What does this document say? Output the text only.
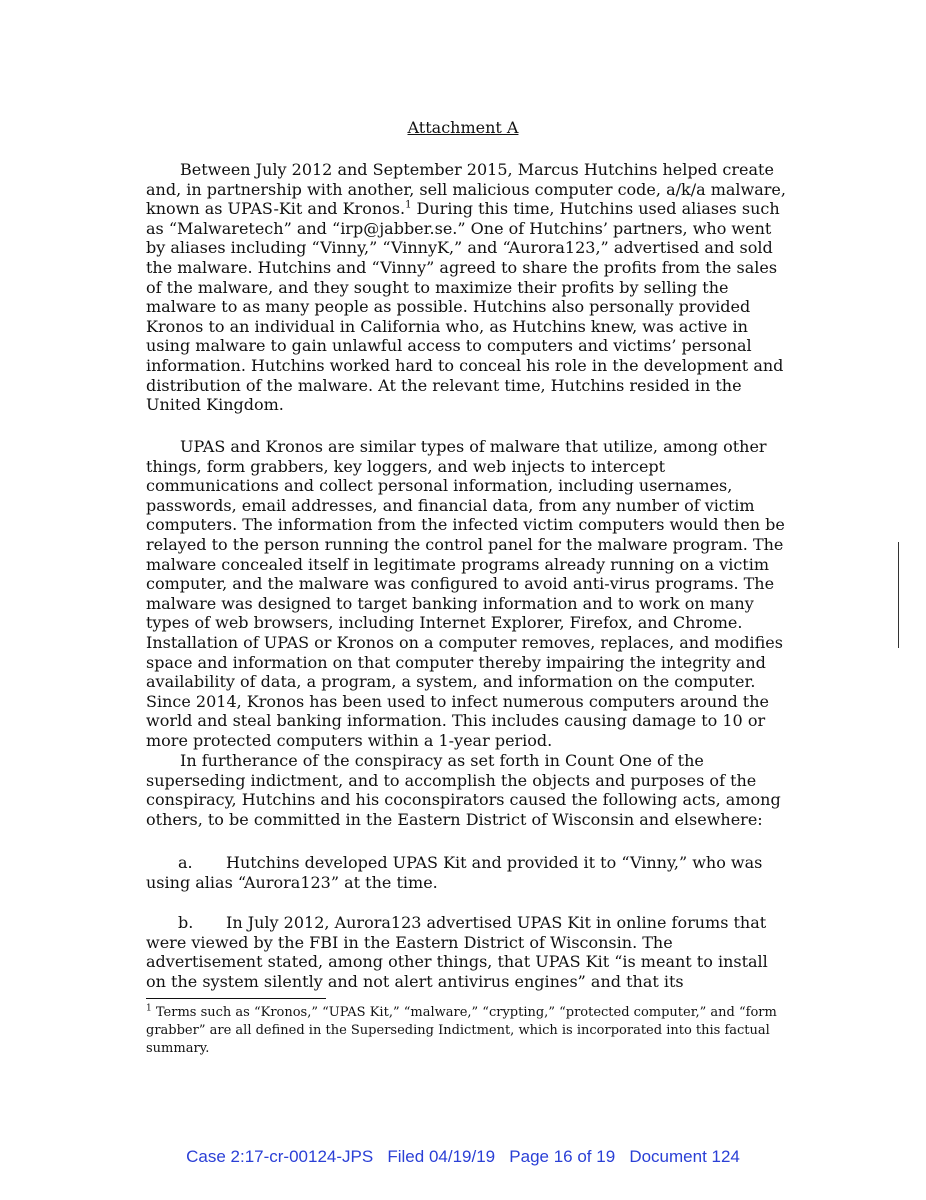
Attachment A

Between July 2012 and September 2015, Marcus Hutchins helped create and, in partnership with another, sell malicious computer code, a/k/a malware, known as UPAS-Kit and Kronos.$^1$ During this time, Hutchins used aliases such as “Malwaretech” and “irp@jabber.se.” One of Hutchins’ partners, who went by aliases including “Vinny,” “VinnyK,” and “Aurora123,” advertised and sold the malware. Hutchins and “Vinny” agreed to share the profits from the sales of the malware, and they sought to maximize their profits by selling the malware to as many people as possible. Hutchins also personally provided Kronos to an individual in California who, as Hutchins knew, was active in using malware to gain unlawful access to computers and victims’ personal information. Hutchins worked hard to conceal his role in the development and distribution of the malware. At the relevant time, Hutchins resided in the United Kingdom.

UPAS and Kronos are similar types of malware that utilize, among other things, form grabbers, key loggers, and web injects to intercept communications and collect personal information, including usernames, passwords, email addresses, and financial data, from any number of victim computers. The information from the infected victim computers would then be relayed to the person running the control panel for the malware program. The malware concealed itself in legitimate programs already running on a victim computer, and the malware was configured to avoid anti-virus programs. The malware was designed to target banking information and to work on many types of web browsers, including Internet Explorer, Firefox, and Chrome. Installation of UPAS or Kronos on a computer removes, replaces, and modifies space and information on that computer thereby impairing the integrity and availability of data, a program, a system, and information on the computer. Since 2014, Kronos has been used to infect numerous computers around the world and steal banking information. This includes causing damage to 10 or more protected computers within a 1-year period.

In furtherance of the conspiracy as set forth in Count One of the superseding indictment, and to accomplish the objects and purposes of the conspiracy, Hutchins and his coconspirators caused the following acts, among others, to be committed in the Eastern District of Wisconsin and elsewhere:

a. Hutchins developed UPAS Kit and provided it to “Vinny,” who was using alias “Aurora123” at the time.

b. In July 2012, Aurora123 advertised UPAS Kit in online forums that were viewed by the FBI in the Eastern District of Wisconsin. The advertisement stated, among other things, that UPAS Kit “is meant to install on the system silently and not alert antivirus engines” and that its

$^1$ Terms such as “Kronos,” “UPAS Kit,” “malware,” “crypting,” “protected computer,” and “form grabber” are all defined in the Superseding Indictment, which is incorporated into this factual summary.

Case 2:17-cr-00124-JPS   Filed 04/19/19   Page 16 of 19   Document 124
